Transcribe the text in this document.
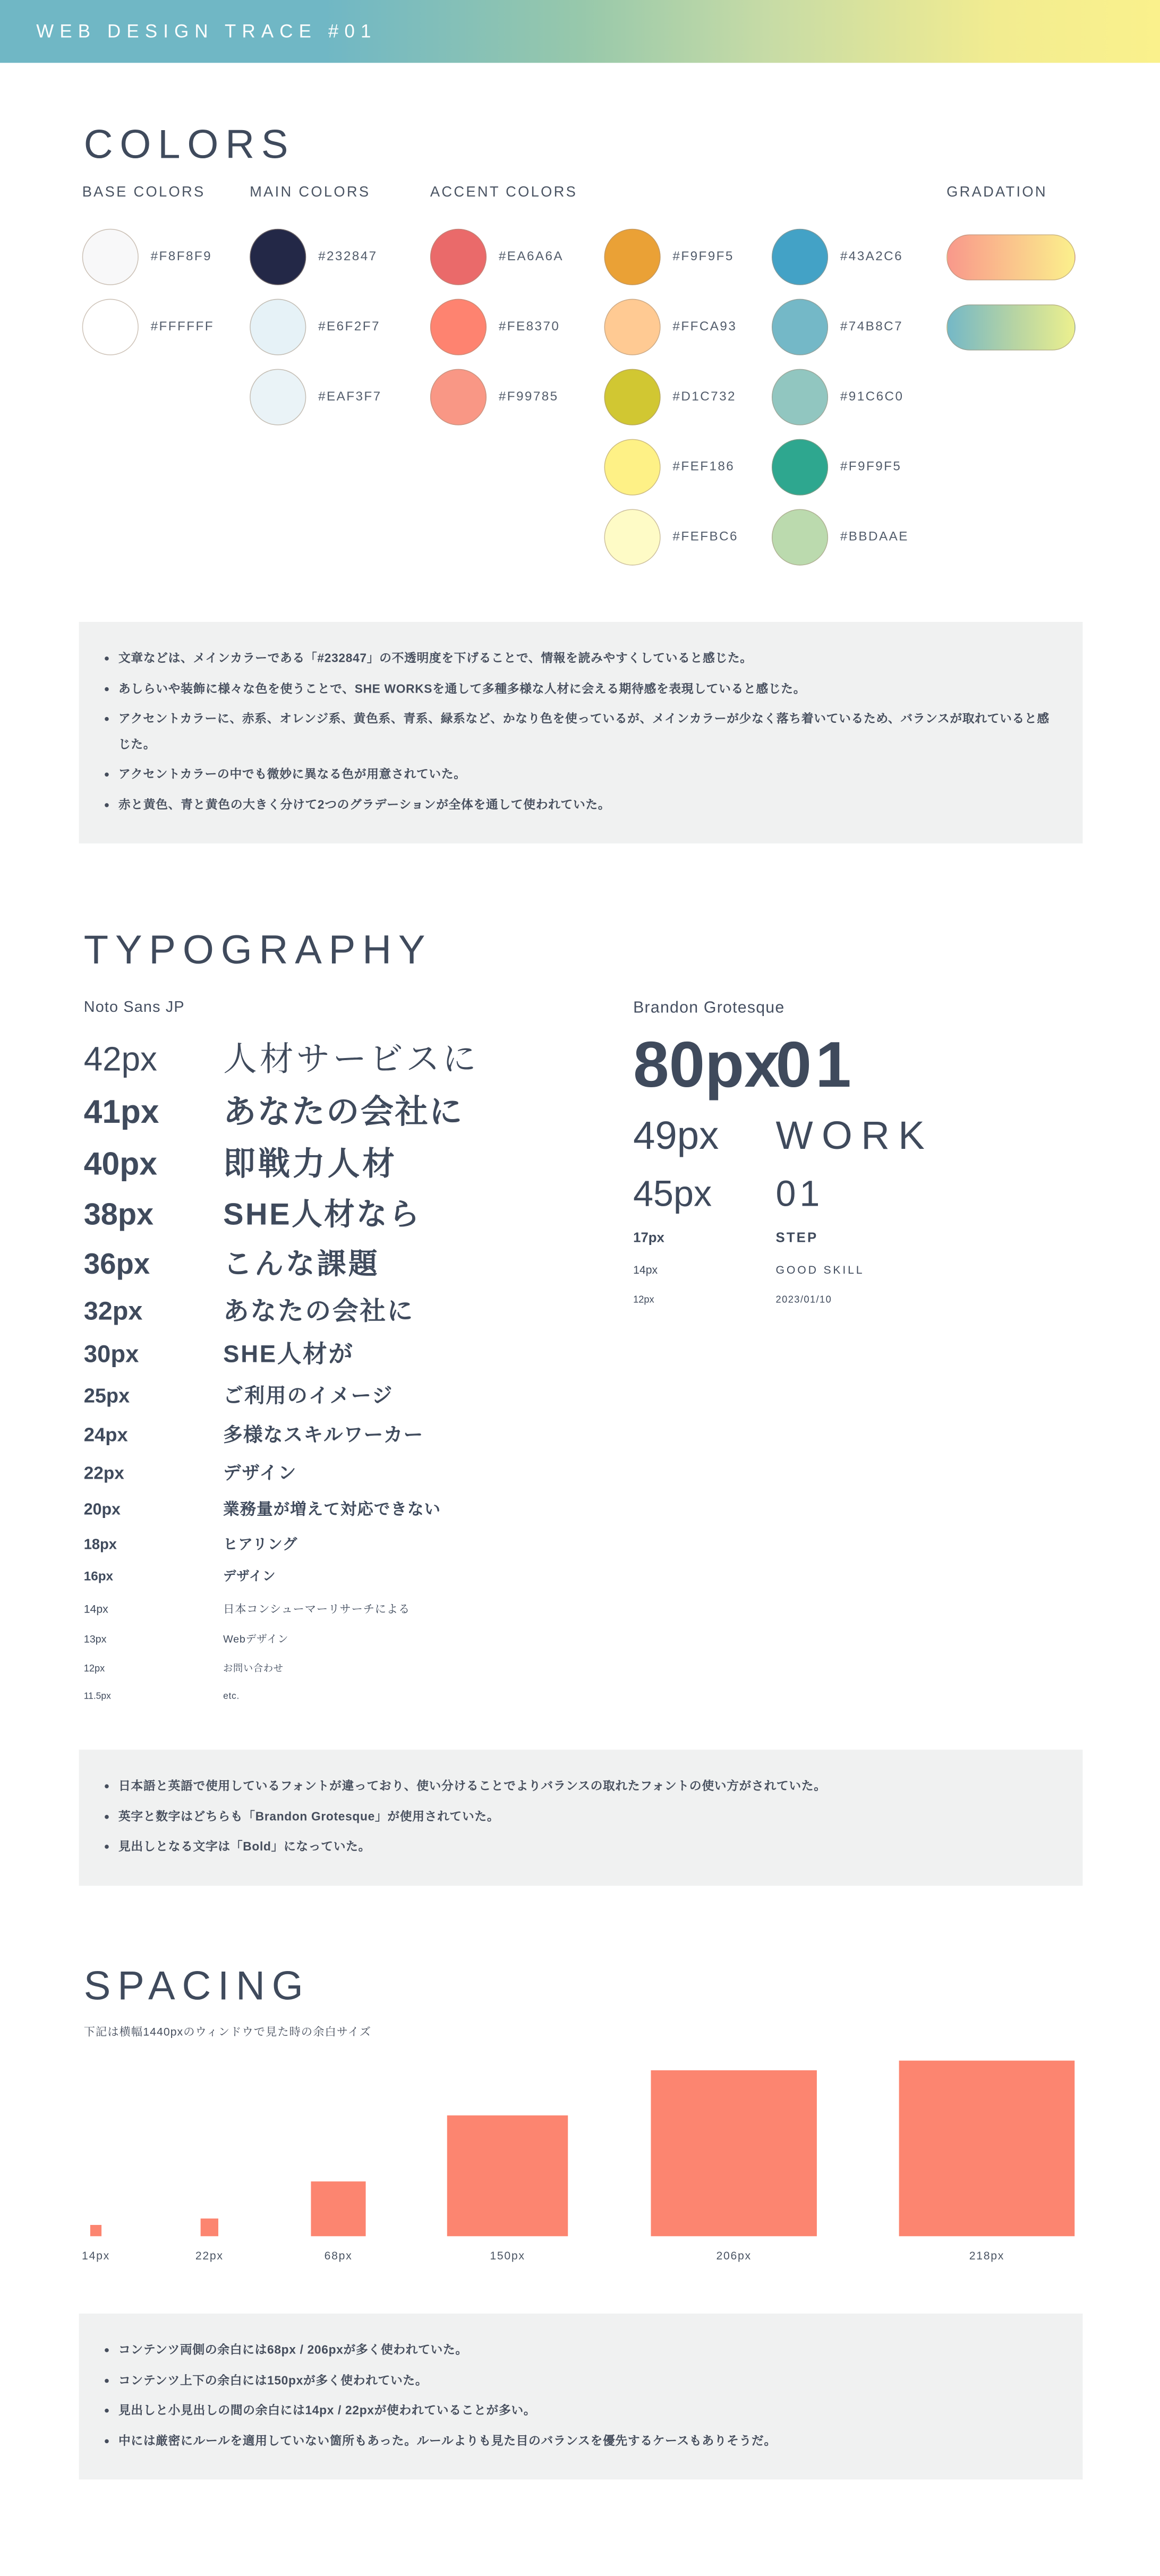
WEB DESIGN TRACE #01
COLORS
BASE COLORS
#F8F8F9
#FFFFFF
MAIN COLORS
#232847
#E6F2F7
#EAF3F7
ACCENT COLORS
#EA6A6A
#FE8370
#F99785
#F9F9F5
#FFCA93
#D1C732
#FEF186
#FEFBC6
#43A2C6
#74B8C7
#91C6C0
#F9F9F5
#BBDAAE
GRADATION
文章などは、メインカラーである「#232847」の不透明度を下げることで、情報を読みやすくしていると感じた。
あしらいや装飾に様々な色を使うことで、SHE WORKSを通して多種多様な人材に会える期待感を表現していると感じた。
アクセントカラーに、赤系、オレンジ系、黄色系、青系、緑系など、かなり色を使っているが、メインカラーが少なく落ち着いているため、バランスが取れていると感じた。
アクセントカラーの中でも微妙に異なる色が用意されていた。
赤と黄色、青と黄色の大きく分けて2つのグラデーションが全体を通して使われていた。
TYPOGRAPHY
Noto Sans JP	Brandon Grotesque
42px	人材サービスに
41px	あなたの会社に
40px	即戦力人材
38px	SHE人材なら
36px	こんな課題
32px	あなたの会社に
30px	SHE人材が
25px	ご利用のイメージ
24px	多様なスキルワーカー
22px	デザイン
20px	業務量が増えて対応できない
18px	ヒアリング
16px	デザイン
14px	日本コンシューマーリサーチによる
13px	Webデザイン
12px	お問い合わせ
11.5px	etc.
80px
01
49px	WORK
45px	01
17px	STEP
14px	GOOD SKILL
12px	2023/01/10
日本語と英語で使用しているフォントが違っており、使い分けることでよりバランスの取れたフォントの使い方がされていた。
英字と数字はどちらも「Brandon Grotesque」が使用されていた。
見出しとなる文字は「Bold」になっていた。
SPACING
下記は横幅1440pxのウィンドウで見た時の余白サイズ
14px	22px	68px	150px	206px	218px
コンテンツ両側の余白には68px / 206pxが多く使われていた。
コンテンツ上下の余白には150pxが多く使われていた。
見出しと小見出しの間の余白には14px / 22pxが使われていることが多い。
中には厳密にルールを適用していない箇所もあった。ルールよりも見た目のバランスを優先するケースもありそうだ。
